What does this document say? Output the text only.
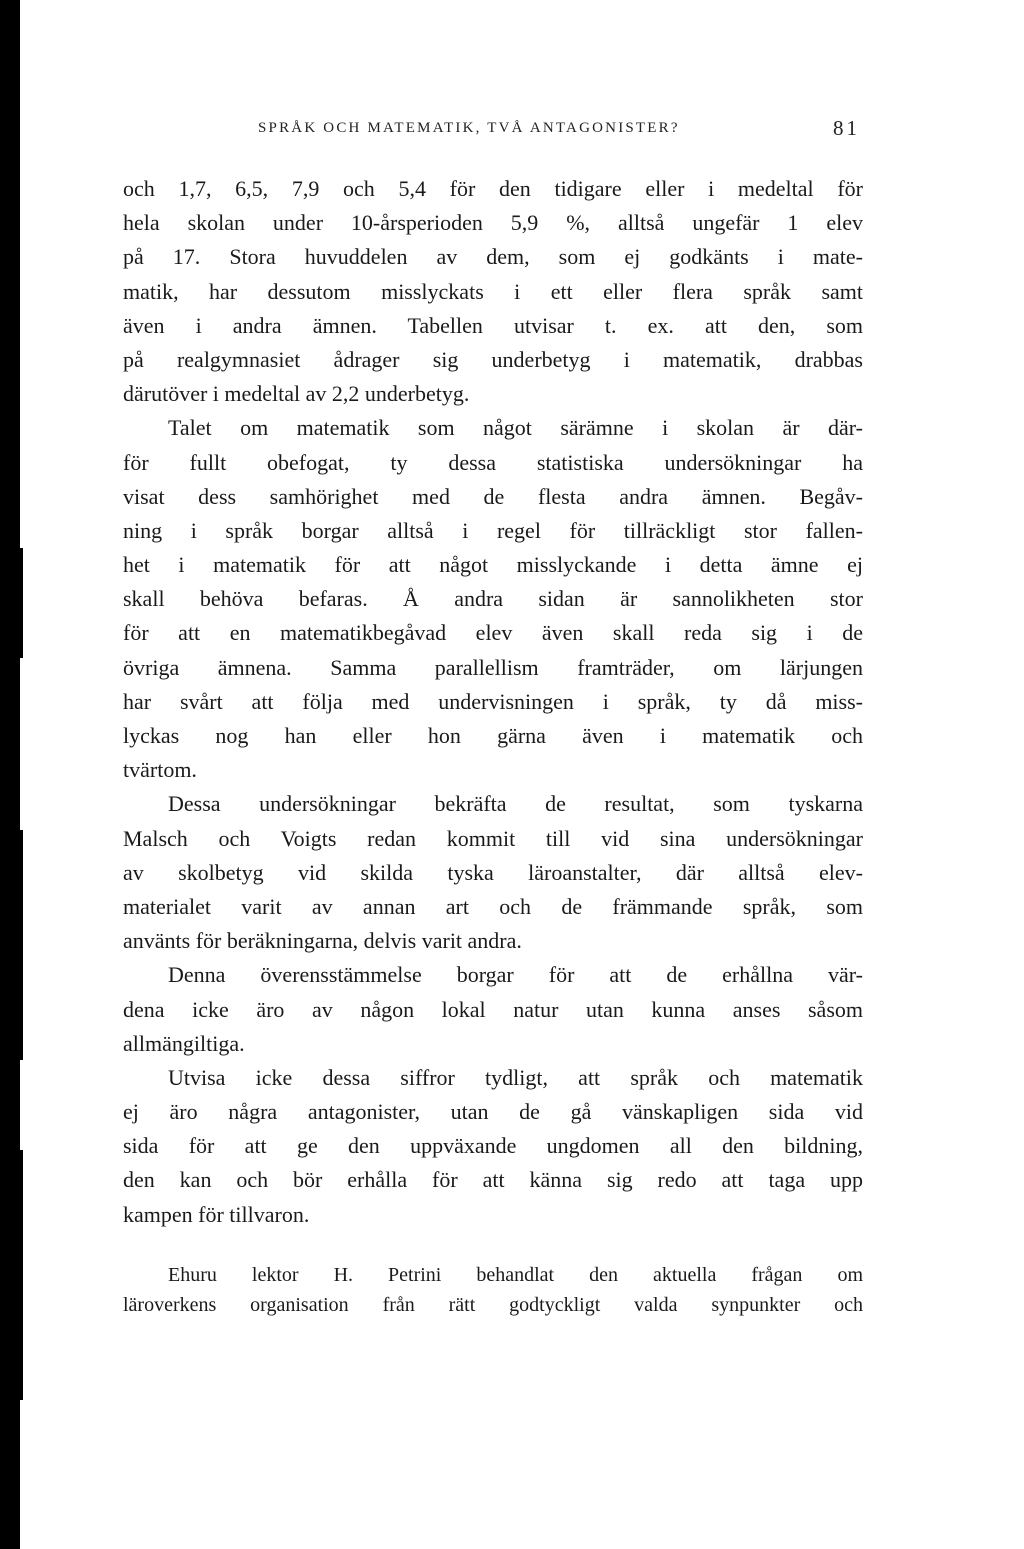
SPRÅK OCH MATEMATIK, TVÅ ANTAGONISTER?	81
och 1,7, 6,5, 7,9 och 5,4 för den tidigare eller i medeltal för
hela skolan under 10-årsperioden 5,9 %, alltså ungefär 1 elev
på 17. Stora huvuddelen av dem, som ej godkänts i mate-
matik, har dessutom misslyckats i ett eller flera språk samt
även i andra ämnen. Tabellen utvisar t. ex. att den, som
på realgymnasiet ådrager sig underbetyg i matematik, drabbas
därutöver i medeltal av 2,2 underbetyg.
Talet om matematik som något särämne i skolan är där-
för fullt obefogat, ty dessa statistiska undersökningar ha
visat dess samhörighet med de flesta andra ämnen. Begåv-
ning i språk borgar alltså i regel för tillräckligt stor fallen-
het i matematik för att något misslyckande i detta ämne ej
skall behöva befaras. Å andra sidan är sannolikheten stor
för att en matematikbegåvad elev även skall reda sig i de
övriga ämnena. Samma parallellism framträder, om lärjungen
har svårt att följa med undervisningen i språk, ty då miss-
lyckas nog han eller hon gärna även i matematik och
tvärtom.
Dessa undersökningar bekräfta de resultat, som tyskarna
Malsch och Voigts redan kommit till vid sina undersökningar
av skolbetyg vid skilda tyska läroanstalter, där alltså elev-
materialet varit av annan art och de främmande språk, som
använts för beräkningarna, delvis varit andra.
Denna överensstämmelse borgar för att de erhållna vär-
dena icke äro av någon lokal natur utan kunna anses såsom
allmängiltiga.
Utvisa icke dessa siffror tydligt, att språk och matematik
ej äro några antagonister, utan de gå vänskapligen sida vid
sida för att ge den uppväxande ungdomen all den bildning,
den kan och bör erhålla för att känna sig redo att taga upp
kampen för tillvaron.
Ehuru lektor H. Petrini behandlat den aktuella frågan om
läroverkens organisation från rätt godtyckligt valda synpunkter och
